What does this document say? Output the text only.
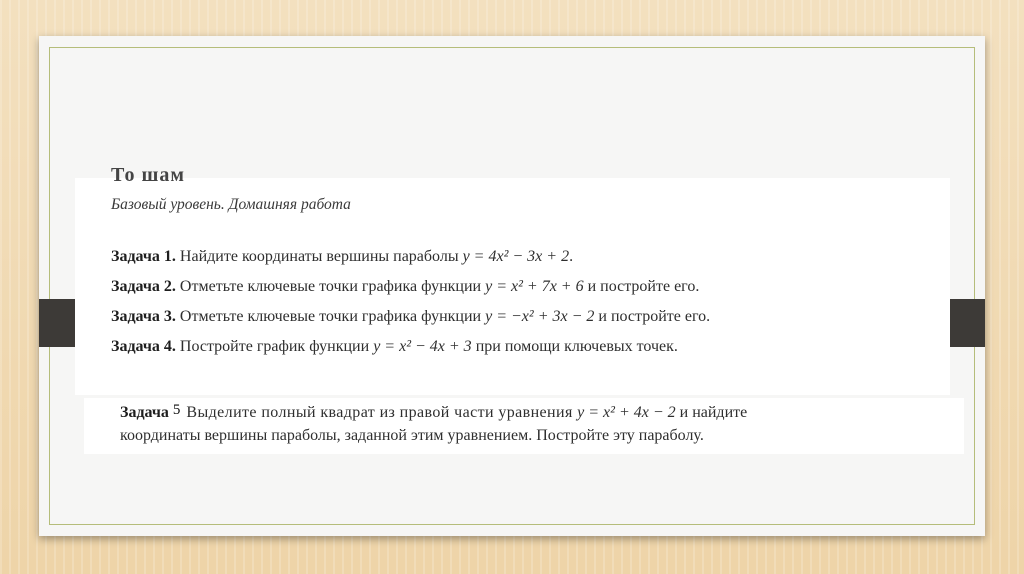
То шам
Базовый уровень. Домашняя работа
Задача 1. Найдите координаты вершины параболы y = 4x² − 3x + 2.
Задача 2. Отметьте ключевые точки графика функции y = x² + 7x + 6 и постройте его.
Задача 3. Отметьте ключевые точки графика функции y = −x² + 3x − 2 и постройте его.
Задача 4. Постройте график функции y = x² − 4x + 3 при помощи ключевых точек.
Задача 5 Выделите полный квадрат из правой части уравнения y = x² + 4x − 2 и найдите
координаты вершины параболы, заданной этим уравнением. Постройте эту параболу.
